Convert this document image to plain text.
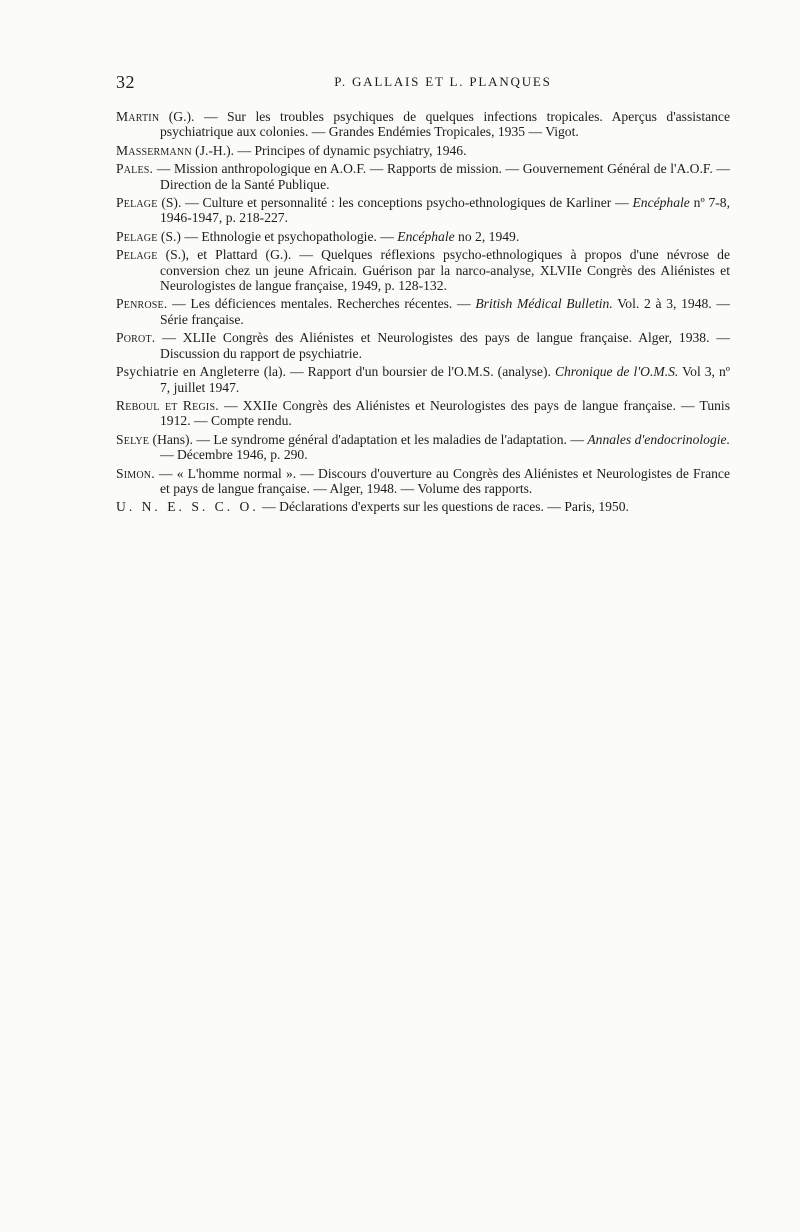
32	P. GALLAIS ET L. PLANQUES
Martin (G.). — Sur les troubles psychiques de quelques infections tropicales. Aperçus d'assistance psychiatrique aux colonies. — Grandes Endémies Tropicales, 1935 — Vigot.
Massermann (J.-H.). — Principes of dynamic psychiatry, 1946.
Pales. — Mission anthropologique en A.O.F. — Rapports de mission. — Gouvernement Général de l'A.O.F. — Direction de la Santé Publique.
Pelage (S). — Culture et personnalité : les conceptions psycho-ethnologiques de Karliner — Encéphale nº 7-8, 1946-1947, p. 218-227.
Pelage (S.) — Ethnologie et psychopathologie. — Encéphale no 2, 1949.
Pelage (S.), et Plattard (G.). — Quelques réflexions psycho-ethnologiques à propos d'une névrose de conversion chez un jeune Africain. Guérison par la narco-analyse, XLVIIe Congrès des Aliénistes et Neurologistes de langue française, 1949, p. 128-132.
Penrose. — Les déficiences mentales. Recherches récentes. — British Médical Bulletin. Vol. 2 à 3, 1948. — Série française.
Porot. — XLIIe Congrès des Aliénistes et Neurologistes des pays de langue française. Alger, 1938. — Discussion du rapport de psychiatrie.
Psychiatrie en Angleterre (la). — Rapport d'un boursier de l'O.M.S. (analyse). Chronique de l'O.M.S. Vol 3, nº 7, juillet 1947.
Reboul et Regis. — XXIIe Congrès des Aliénistes et Neurologistes des pays de langue française. — Tunis 1912. — Compte rendu.
Selye (Hans). — Le syndrome général d'adaptation et les maladies de l'adaptation. — Annales d'endocrinologie. — Décembre 1946, p. 290.
Simon. — « L'homme normal ». — Discours d'ouverture au Congrès des Aliénistes et Neurologistes de France et pays de langue française. — Alger, 1948. — Volume des rapports.
U. N. E. S. C. O. — Déclarations d'experts sur les questions de races. — Paris, 1950.
